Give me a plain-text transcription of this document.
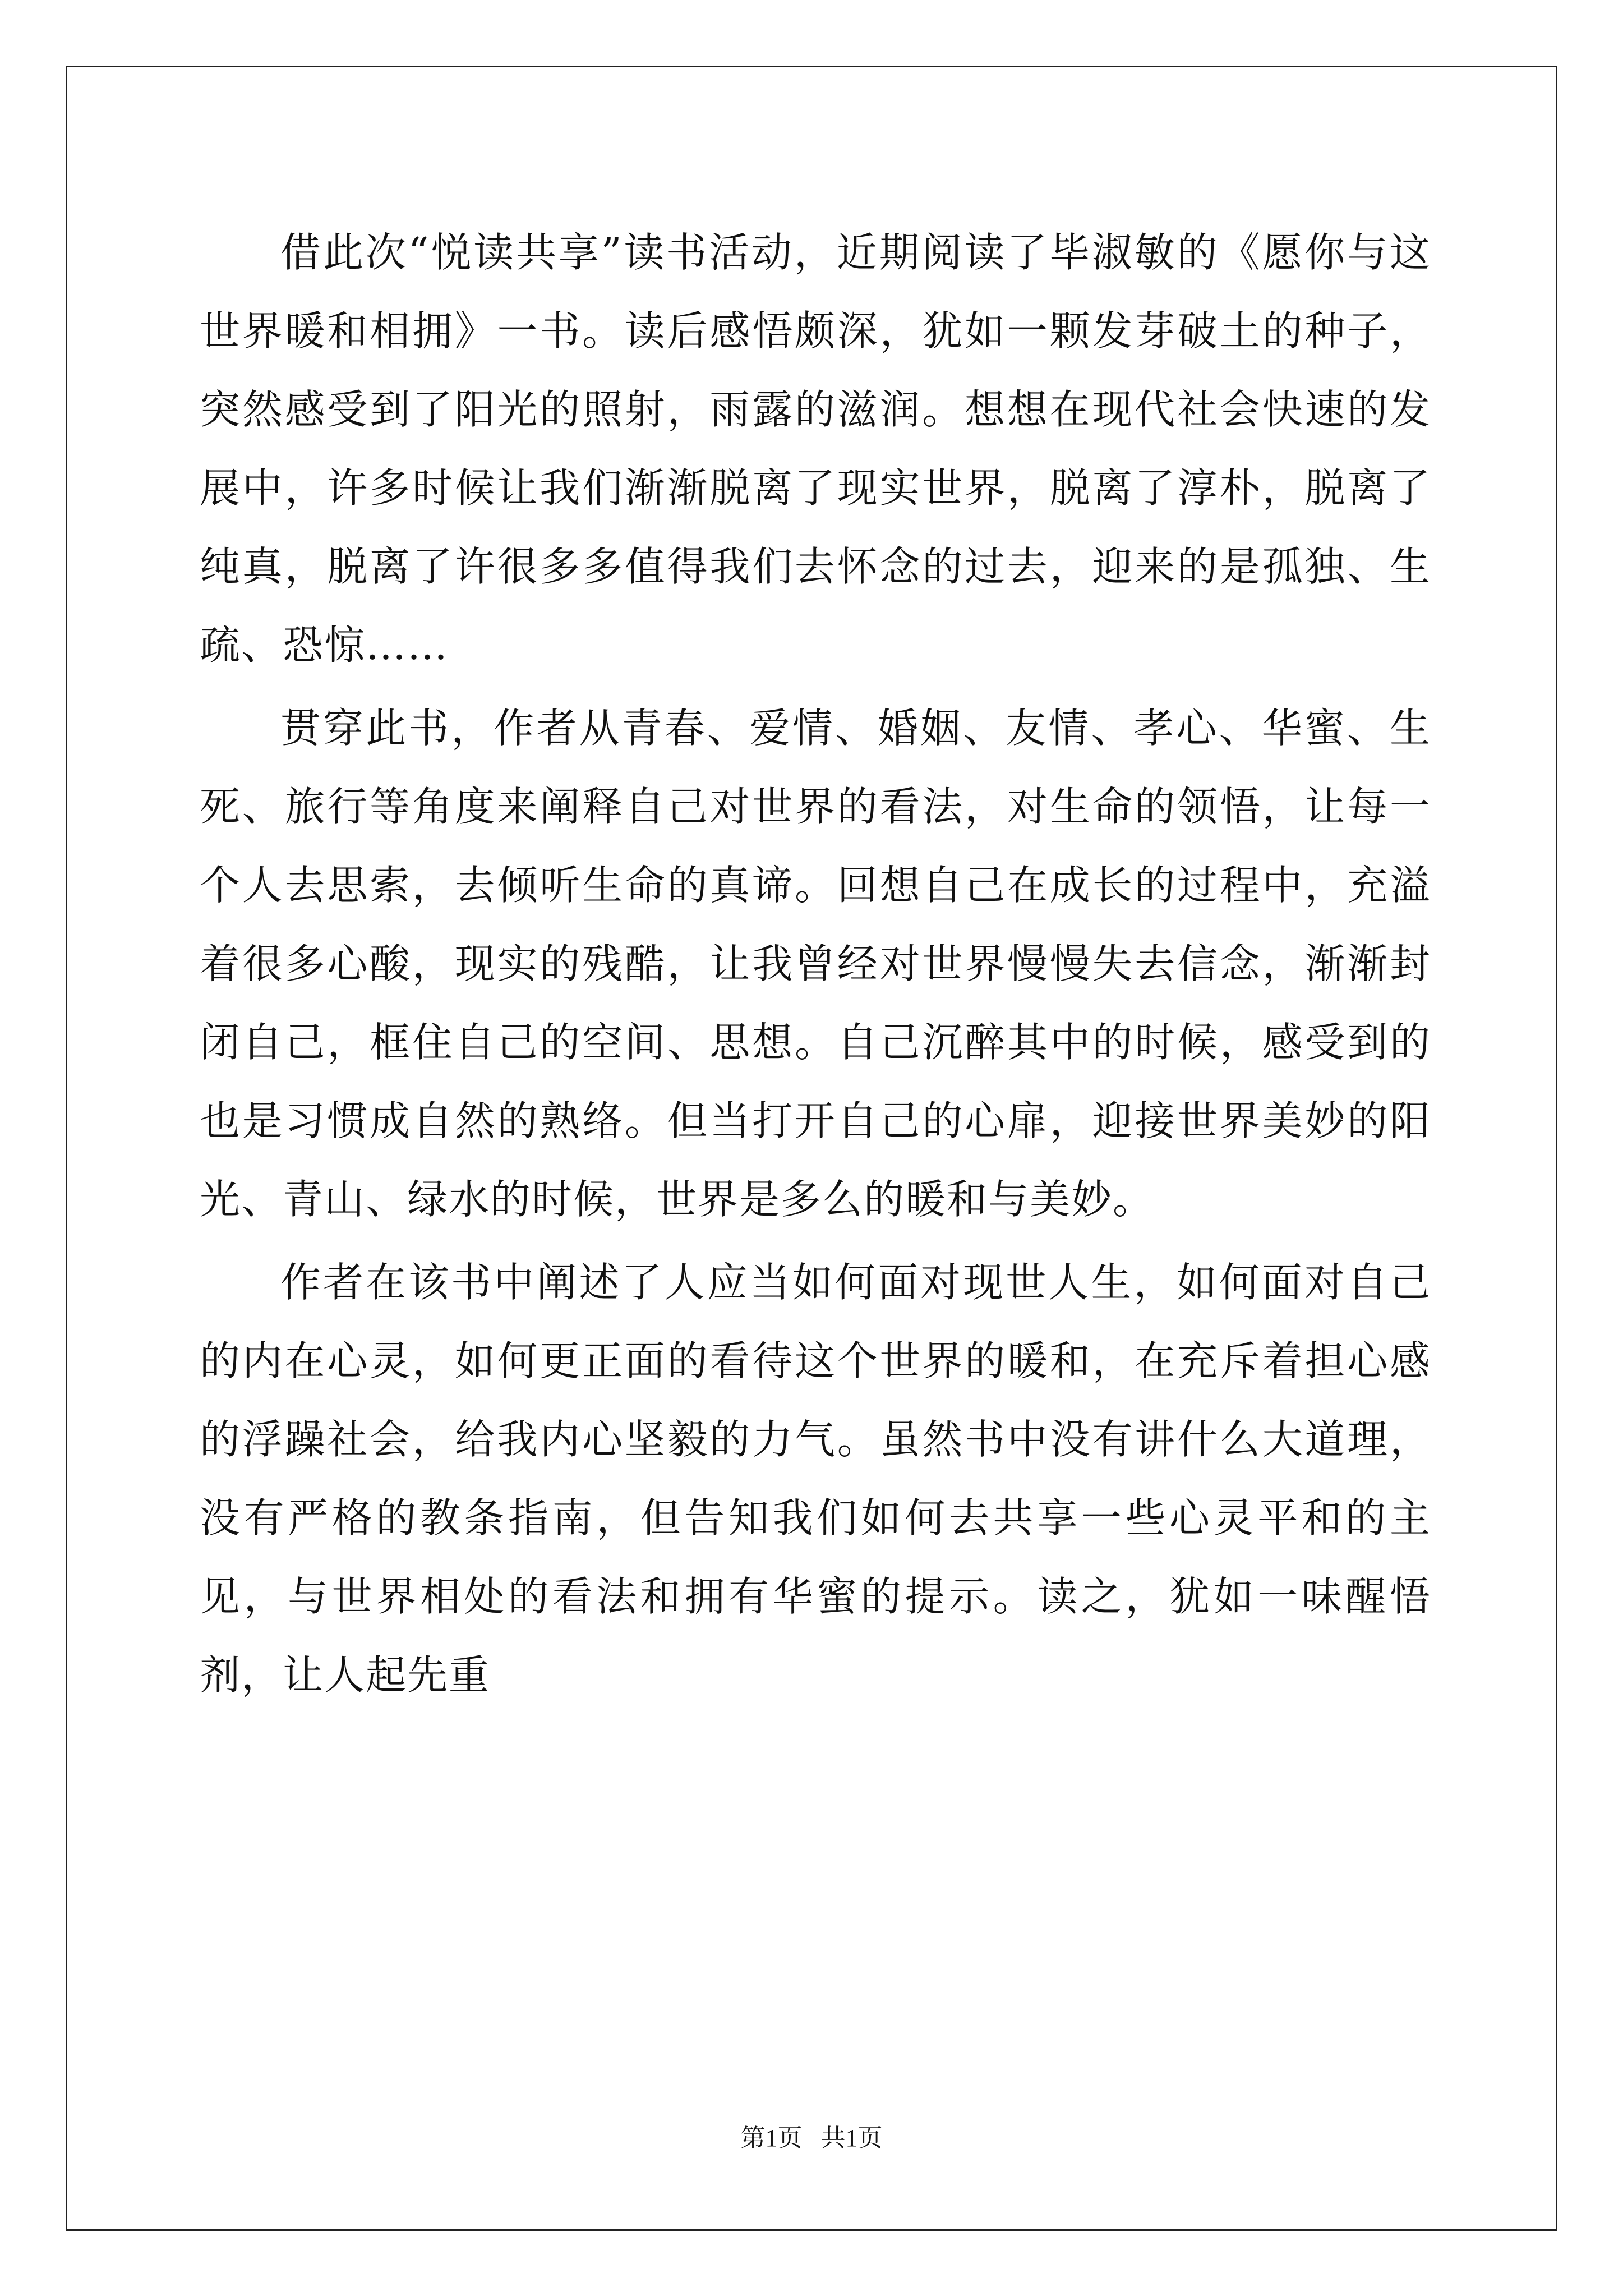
借此次“悦读共享”读书活动，近期阅读了毕淑敏的《愿你与这世界暖和相拥》一书。读后感悟颇深，犹如一颗发芽破土的种子，突然感受到了阳光的照射，雨露的滋润。想想在现代社会快速的发展中，许多时候让我们渐渐脱离了现实世界，脱离了淳朴，脱离了纯真，脱离了许很多多值得我们去怀念的过去，迎来的是孤独、生疏、恐惊……

贯穿此书，作者从青春、爱情、婚姻、友情、孝心、华蜜、生死、旅行等角度来阐释自己对世界的看法，对生命的领悟，让每一个人去思索，去倾听生命的真谛。回想自己在成长的过程中，充溢着很多心酸，现实的残酷，让我曾经对世界慢慢失去信念，渐渐封闭自己，框住自己的空间、思想。自己沉醉其中的时候，感受到的也是习惯成自然的熟络。但当打开自己的心扉，迎接世界美妙的阳光、青山、绿水的时候，世界是多么的暖和与美妙。

作者在该书中阐述了人应当如何面对现世人生，如何面对自己的内在心灵，如何更正面的看待这个世界的暖和，在充斥着担心感的浮躁社会，给我内心坚毅的力气。虽然书中没有讲什么大道理，没有严格的教条指南，但告知我们如何去共享一些心灵平和的主见，与世界相处的看法和拥有华蜜的提示。读之，犹如一味醒悟剂，让人起先重

第1页 共1页
